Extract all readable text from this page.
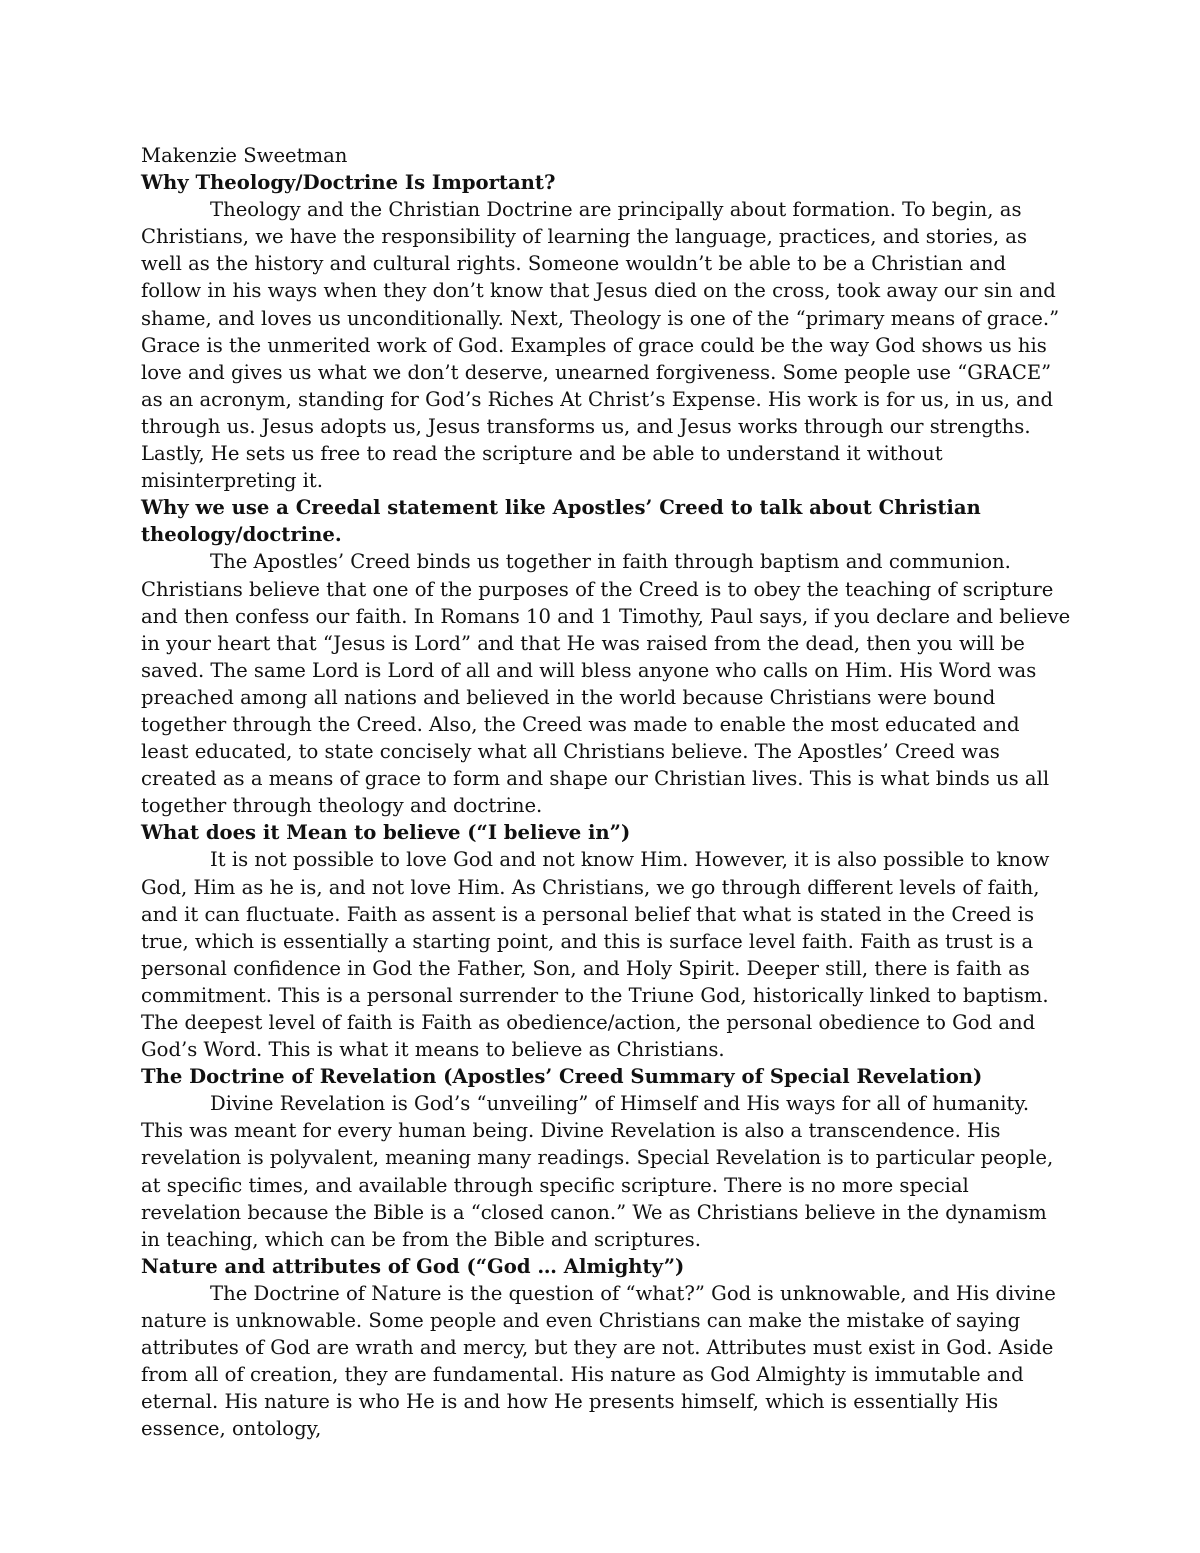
Makenzie Sweetman

Why Theology/Doctrine Is Important?

Theology and the Christian Doctrine are principally about formation. To begin, as Christians, we have the responsibility of learning the language, practices, and stories, as well as the history and cultural rights. Someone wouldn’t be able to be a Christian and follow in his ways when they don’t know that Jesus died on the cross, took away our sin and shame, and loves us unconditionally. Next, Theology is one of the “primary means of grace.” Grace is the unmerited work of God. Examples of grace could be the way God shows us his love and gives us what we don’t deserve, unearned forgiveness. Some people use “GRACE” as an acronym, standing for God’s Riches At Christ’s Expense. His work is for us, in us, and through us. Jesus adopts us, Jesus transforms us, and Jesus works through our strengths. Lastly, He sets us free to read the scripture and be able to understand it without misinterpreting it.

Why we use a Creedal statement like Apostles’ Creed to talk about Christian theology/doctrine.

The Apostles’ Creed binds us together in faith through baptism and communion. Christians believe that one of the purposes of the Creed is to obey the teaching of scripture and then confess our faith. In Romans 10 and 1 Timothy, Paul says, if you declare and believe in your heart that “Jesus is Lord” and that He was raised from the dead, then you will be saved. The same Lord is Lord of all and will bless anyone who calls on Him. His Word was preached among all nations and believed in the world because Christians were bound together through the Creed. Also, the Creed was made to enable the most educated and least educated, to state concisely what all Christians believe. The Apostles’ Creed was created as a means of grace to form and shape our Christian lives. This is what binds us all together through theology and doctrine.

What does it Mean to believe (“I believe in”)

It is not possible to love God and not know Him. However, it is also possible to know God, Him as he is, and not love Him. As Christians, we go through different levels of faith, and it can fluctuate. Faith as assent is a personal belief that what is stated in the Creed is true, which is essentially a starting point, and this is surface level faith. Faith as trust is a personal confidence in God the Father, Son, and Holy Spirit. Deeper still, there is faith as commitment. This is a personal surrender to the Triune God, historically linked to baptism. The deepest level of faith is Faith as obedience/action, the personal obedience to God and God’s Word. This is what it means to believe as Christians.

The Doctrine of Revelation (Apostles’ Creed Summary of Special Revelation)

Divine Revelation is God’s “unveiling” of Himself and His ways for all of humanity. This was meant for every human being. Divine Revelation is also a transcendence. His revelation is polyvalent, meaning many readings. Special Revelation is to particular people, at specific times, and available through specific scripture. There is no more special revelation because the Bible is a “closed canon.” We as Christians believe in the dynamism in teaching, which can be from the Bible and scriptures.

Nature and attributes of God (“God … Almighty”)

The Doctrine of Nature is the question of “what?” God is unknowable, and His divine nature is unknowable. Some people and even Christians can make the mistake of saying attributes of God are wrath and mercy, but they are not. Attributes must exist in God. Aside from all of creation, they are fundamental. His nature as God Almighty is immutable and eternal. His nature is who He is and how He presents himself, which is essentially His essence, ontology,
